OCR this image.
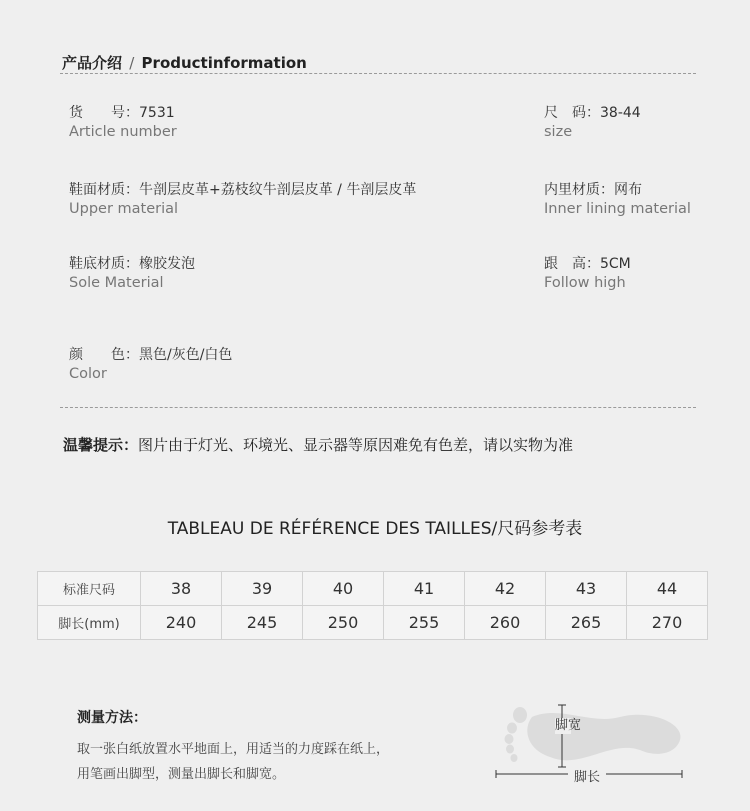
产品介绍 / Productinformation
货　　号：7531
Article number
尺　码：38-44
size
鞋面材质：牛剖层皮革+荔枝纹牛剖层皮革 / 牛剖层皮革
Upper material
内里材质：网布
Inner lining material
鞋底材质：橡胶发泡
Sole Material
跟　高：5CM
Follow high
颜　　色：黑色/灰色/白色
Color
温馨提示：图片由于灯光、环境光、显示器等原因难免有色差，请以实物为准
TABLEAU DE RÉFÉRENCE DES TAILLES/尺码参考表
标准尺码	38	39	40	41	42	43	44
脚长(mm)	240	245	250	255	260	265	270
测量方法：
取一张白纸放置水平地面上，用适当的力度踩在纸上，
用笔画出脚型，测量出脚长和脚宽。
脚宽
脚长
